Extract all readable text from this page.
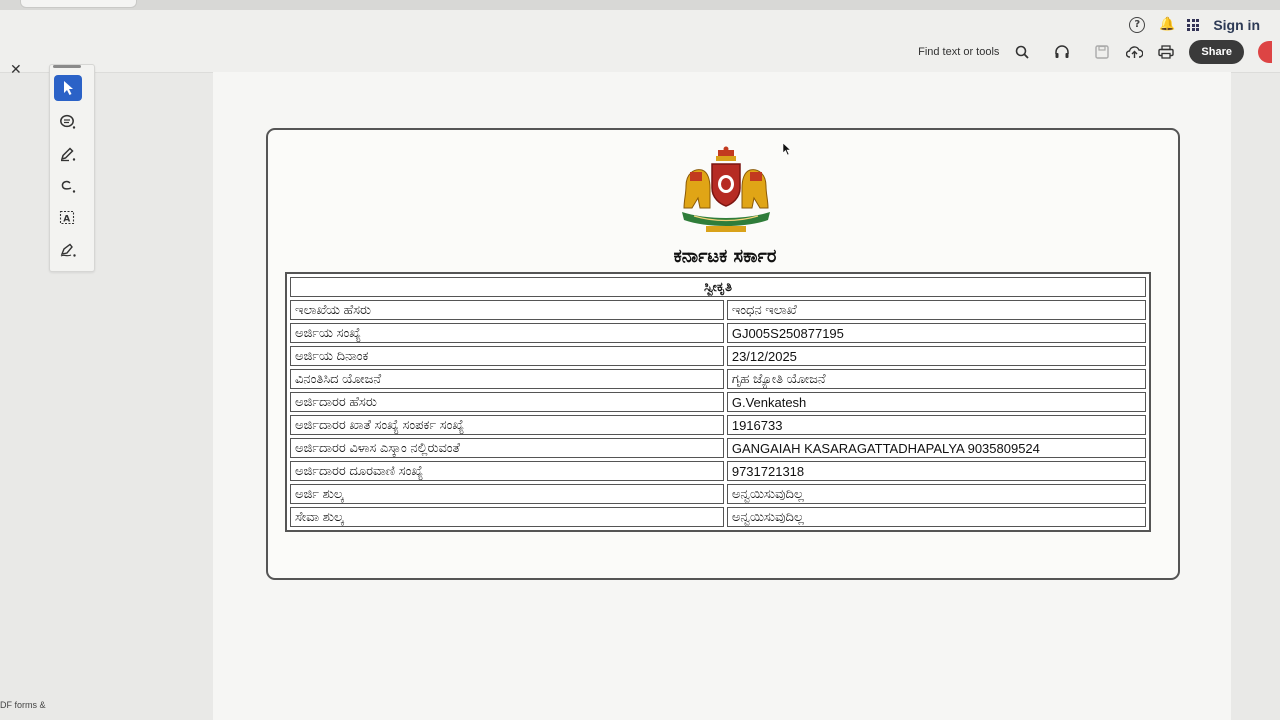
?	🔔	Sign in
Find text or tools	Share
✕
A
ಕರ್ನಾಟಕ ಸರ್ಕಾರ
ಸ್ವೀಕೃತಿ	
ಇಲಾಖೆಯ ಹೆಸರು	ಇಂಧನ ಇಲಾಖೆ
ಅರ್ಜಿಯ ಸಂಖ್ಯೆ	GJ005S250877195
ಅರ್ಜಿಯ ದಿನಾಂಕ	23/12/2025
ವಿನಂತಿಸಿದ ಯೋಜನೆ	ಗೃಹ ಜ್ಯೋತಿ ಯೋಜನೆ
ಅರ್ಜಿದಾರರ ಹೆಸರು	G.Venkatesh
ಅರ್ಜಿದಾರರ ಖಾತೆ ಸಂಖ್ಯೆ ಸಂಪರ್ಕ ಸಂಖ್ಯೆ	1916733
ಅರ್ಜಿದಾರರ ವಿಳಾಸ ಎಸ್ಕಾಂ ನಲ್ಲಿರುವಂತೆ	GANGAIAH KASARAGATTADHAPALYA 9035809524
ಅರ್ಜಿದಾರರ ದೂರವಾಣಿ ಸಂಖ್ಯೆ	9731721318
ಅರ್ಜಿ ಶುಲ್ಕ	ಅನ್ವಯಿಸುವುದಿಲ್ಲ
ಸೇವಾ ಶುಲ್ಕ	ಅನ್ವಯಿಸುವುದಿಲ್ಲ
DF forms &
